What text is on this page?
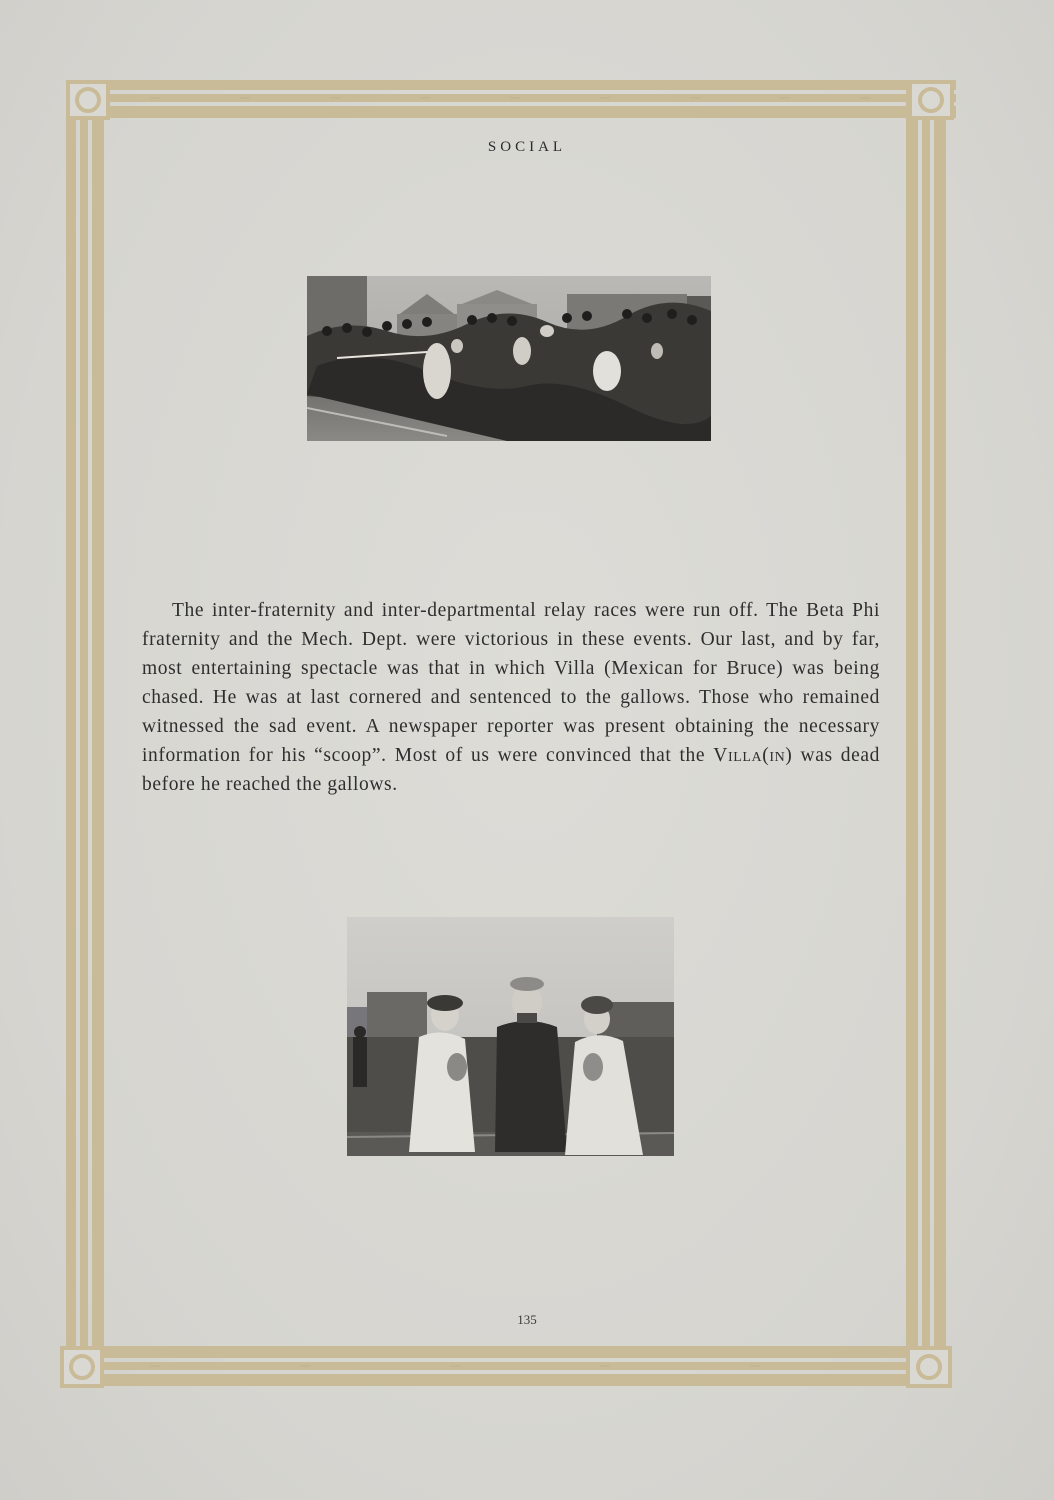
SOCIAL

The inter-fraternity and inter-departmental relay races were run off. The Beta Phi fraternity and the Mech. Dept. were victorious in these events. Our last, and by far, most entertaining spectacle was that in which Villa (Mexican for Bruce) was being chased. He was at last cornered and sentenced to the gallows. Those who remained witnessed the sad event. A newspaper reporter was present obtaining the necessary information for his “scoop”. Most of us were convinced that the Villa(in) was dead before he reached the gallows.

135
